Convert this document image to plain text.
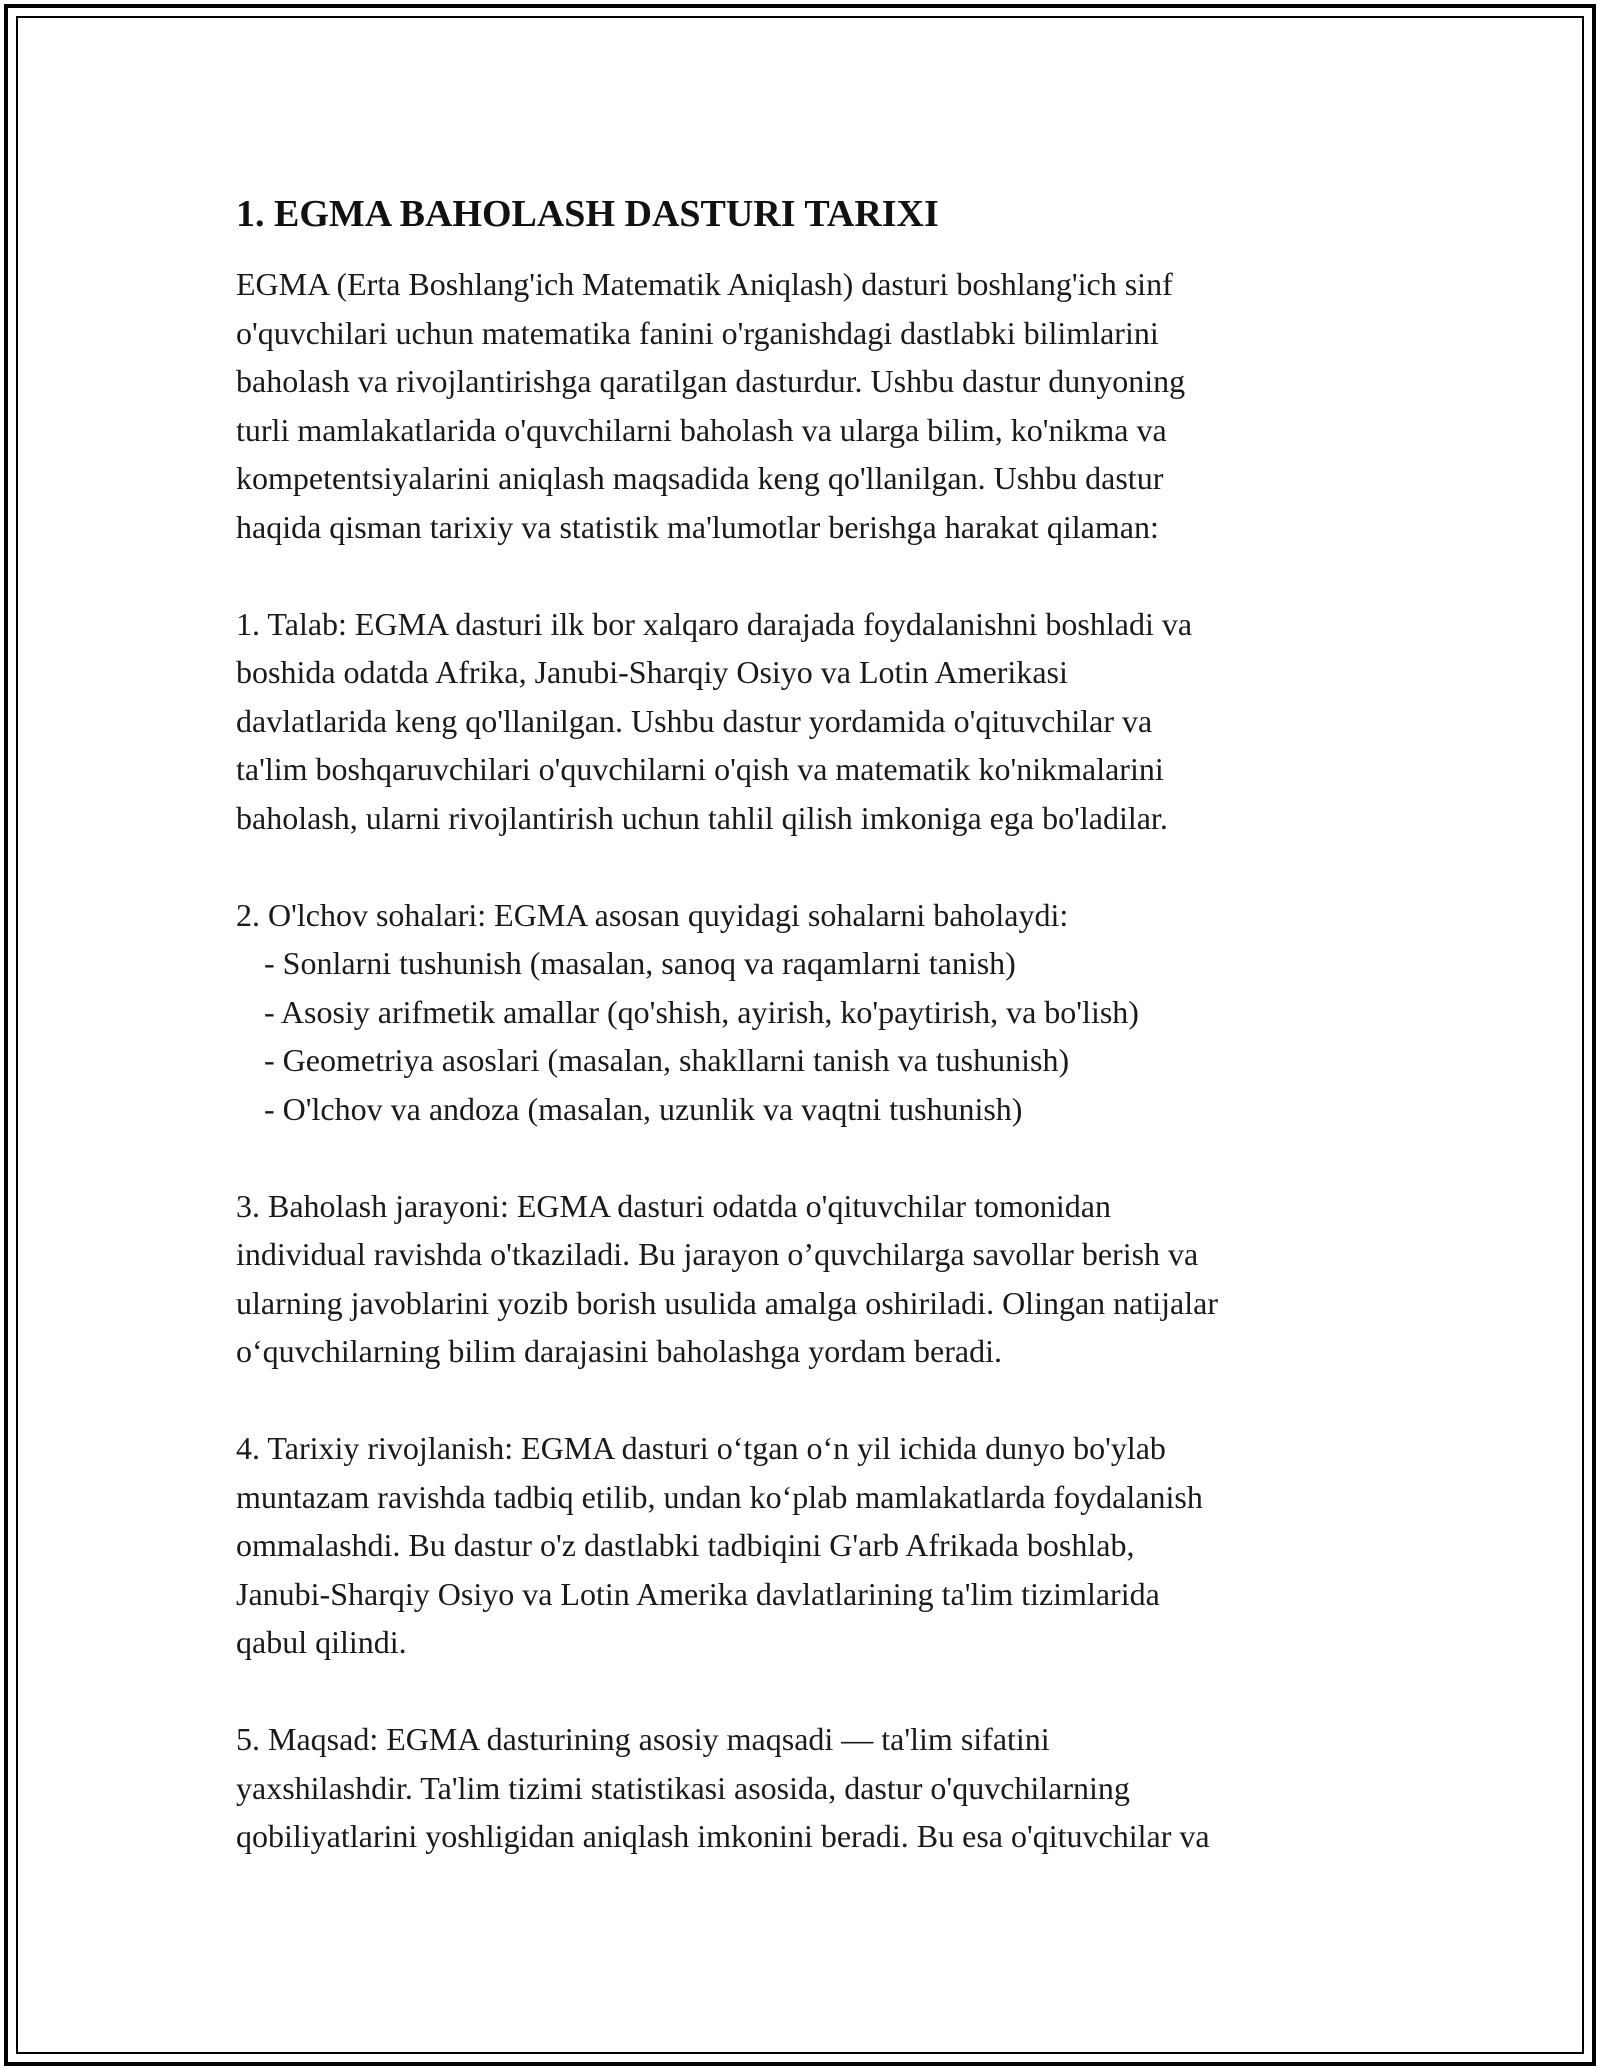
1. EGMA BAHOLASH DASTURI TARIXI

EGMA (Erta Boshlang'ich Matematik Aniqlash) dasturi boshlang'ich sinf
o'quvchilari uchun matematika fanini o'rganishdagi dastlabki bilimlarini
baholash va rivojlantirishga qaratilgan dasturdur. Ushbu dastur dunyoning
turli mamlakatlarida o'quvchilarni baholash va ularga bilim, ko'nikma va
kompetentsiyalarini aniqlash maqsadida keng qo'llanilgan. Ushbu dastur
haqida qisman tarixiy va statistik ma'lumotlar berishga harakat qilaman:

1. Talab: EGMA dasturi ilk bor xalqaro darajada foydalanishni boshladi va
boshida odatda Afrika, Janubi-Sharqiy Osiyo va Lotin Amerikasi
davlatlarida keng qo'llanilgan. Ushbu dastur yordamida o'qituvchilar va
ta'lim boshqaruvchilari o'quvchilarni o'qish va matematik ko'nikmalarini
baholash, ularni rivojlantirish uchun tahlil qilish imkoniga ega bo'ladilar.

2. O'lchov sohalari: EGMA asosan quyidagi sohalarni baholaydi:
- Sonlarni tushunish (masalan, sanoq va raqamlarni tanish)
- Asosiy arifmetik amallar (qo'shish, ayirish, ko'paytirish, va bo'lish)
- Geometriya asoslari (masalan, shakllarni tanish va tushunish)
- O'lchov va andoza (masalan, uzunlik va vaqtni tushunish)

3. Baholash jarayoni: EGMA dasturi odatda o'qituvchilar tomonidan
individual ravishda o'tkaziladi. Bu jarayon o’quvchilarga savollar berish va
ularning javoblarini yozib borish usulida amalga oshiriladi. Olingan natijalar
o‘quvchilarning bilim darajasini baholashga yordam beradi.

4. Tarixiy rivojlanish: EGMA dasturi o‘tgan o‘n yil ichida dunyo bo'ylab
muntazam ravishda tadbiq etilib, undan ko‘plab mamlakatlarda foydalanish
ommalashdi. Bu dastur o'z dastlabki tadbiqini G'arb Afrikada boshlab,
Janubi-Sharqiy Osiyo va Lotin Amerika davlatlarining ta'lim tizimlarida
qabul qilindi.

5. Maqsad: EGMA dasturining asosiy maqsadi — ta'lim sifatini
yaxshilashdir. Ta'lim tizimi statistikasi asosida, dastur o'quvchilarning
qobiliyatlarini yoshligidan aniqlash imkonini beradi. Bu esa o'qituvchilar va
